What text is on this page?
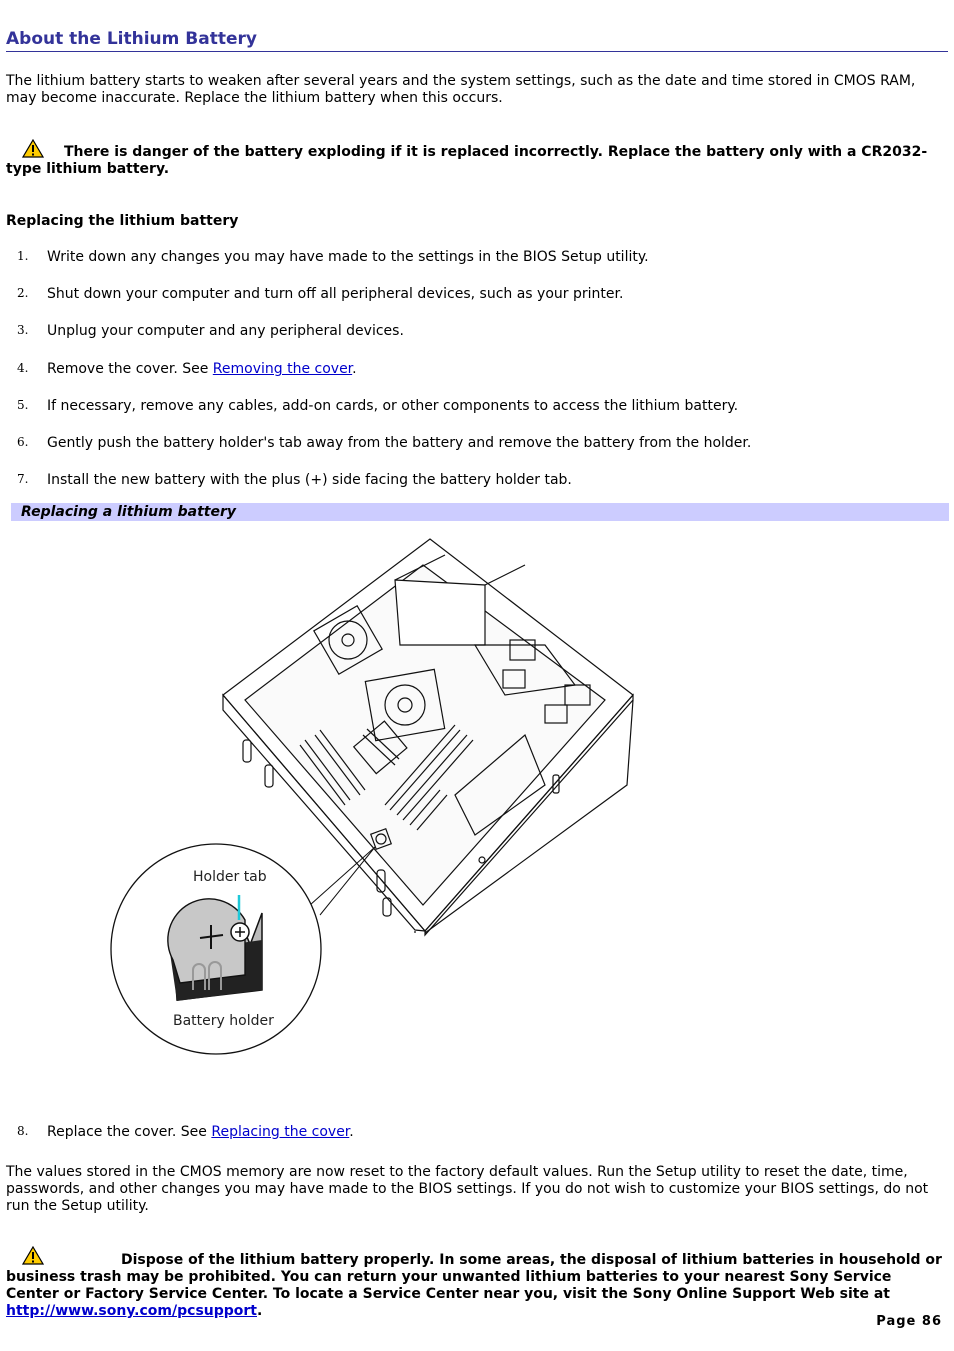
About the Lithium Battery

The lithium battery starts to weaken after several years and the system settings, such as the date and time stored in CMOS RAM, may become inaccurate. Replace the lithium battery when this occurs.

There is danger of the battery exploding if it is replaced incorrectly. Replace the battery only with a CR2032-type lithium battery.
Replacing the lithium battery
1. Write down any changes you may have made to the settings in the BIOS Setup utility.
2. Shut down your computer and turn off all peripheral devices, such as your printer.
3. Unplug your computer and any peripheral devices.
4. Remove the cover. See Removing the cover.
5. If necessary, remove any cables, add-on cards, or other components to access the lithium battery.
6. Gently push the battery holder's tab away from the battery and remove the battery from the holder.
7. Install the new battery with the plus (+) side facing the battery holder tab.
Replacing a lithium battery
Holder tab
Battery holder
8. Replace the cover. See Replacing the cover.

The values stored in the CMOS memory are now reset to the factory default values. Run the Setup utility to reset the date, time, passwords, and other changes you may have made to the BIOS settings. If you do not wish to customize your BIOS settings, do not run the Setup utility.

Dispose of the lithium battery properly. In some areas, the disposal of lithium batteries in household or business trash may be prohibited. You can return your unwanted lithium batteries to your nearest Sony Service Center or Factory Service Center. To locate a Service Center near you, visit the Sony Online Support Web site at http://www.sony.com/pcsupport.
Page 86
